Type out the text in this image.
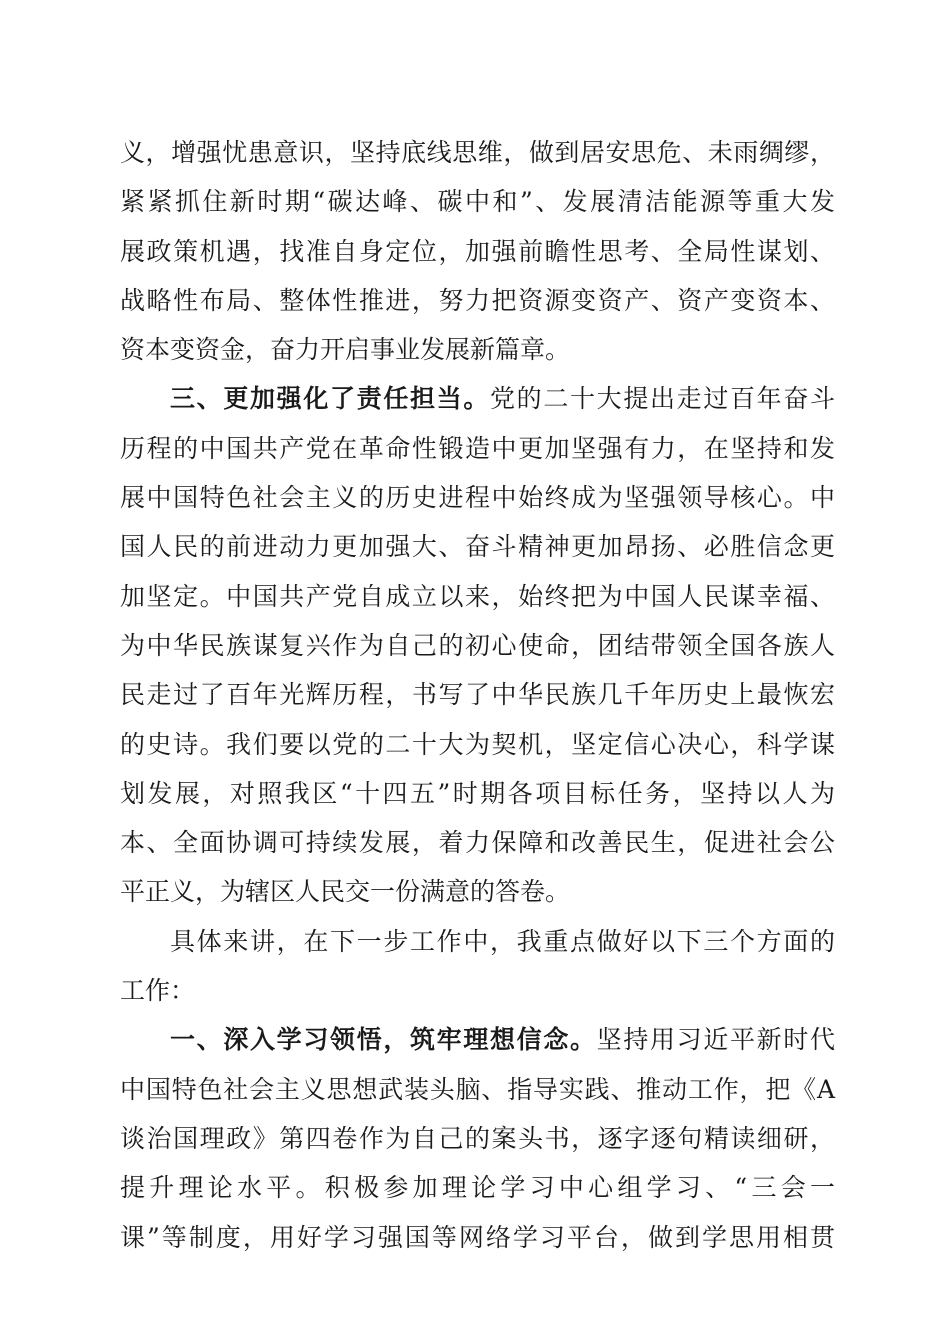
义，增强忧患意识，坚持底线思维，做到居安思危、未雨绸缪，
紧紧抓住新时期“碳达峰、碳中和”、发展清洁能源等重大发
展政策机遇，找准自身定位，加强前瞻性思考、全局性谋划、
战略性布局、整体性推进，努力把资源变资产、资产变资本、
资本变资金，奋力开启事业发展新篇章。
三、更加强化了责任担当。党的二十大提出走过百年奋斗
历程的中国共产党在革命性锻造中更加坚强有力，在坚持和发
展中国特色社会主义的历史进程中始终成为坚强领导核心。中
国人民的前进动力更加强大、奋斗精神更加昂扬、必胜信念更
加坚定。中国共产党自成立以来，始终把为中国人民谋幸福、
为中华民族谋复兴作为自己的初心使命，团结带领全国各族人
民走过了百年光辉历程，书写了中华民族几千年历史上最恢宏
的史诗。我们要以党的二十大为契机，坚定信心决心，科学谋
划发展，对照我区“十四五”时期各项目标任务，坚持以人为
本、全面协调可持续发展，着力保障和改善民生，促进社会公
平正义，为辖区人民交一份满意的答卷。
具体来讲，在下一步工作中，我重点做好以下三个方面的
工作：
一、深入学习领悟，筑牢理想信念。坚持用习近平新时代
中国特色社会主义思想武装头脑、指导实践、推动工作，把《A
谈治国理政》第四卷作为自己的案头书，逐字逐句精读细研，
提升理论水平。积极参加理论学习中心组学习、“三会一
课”等制度，用好学习强国等网络学习平台，做到学思用相贯
